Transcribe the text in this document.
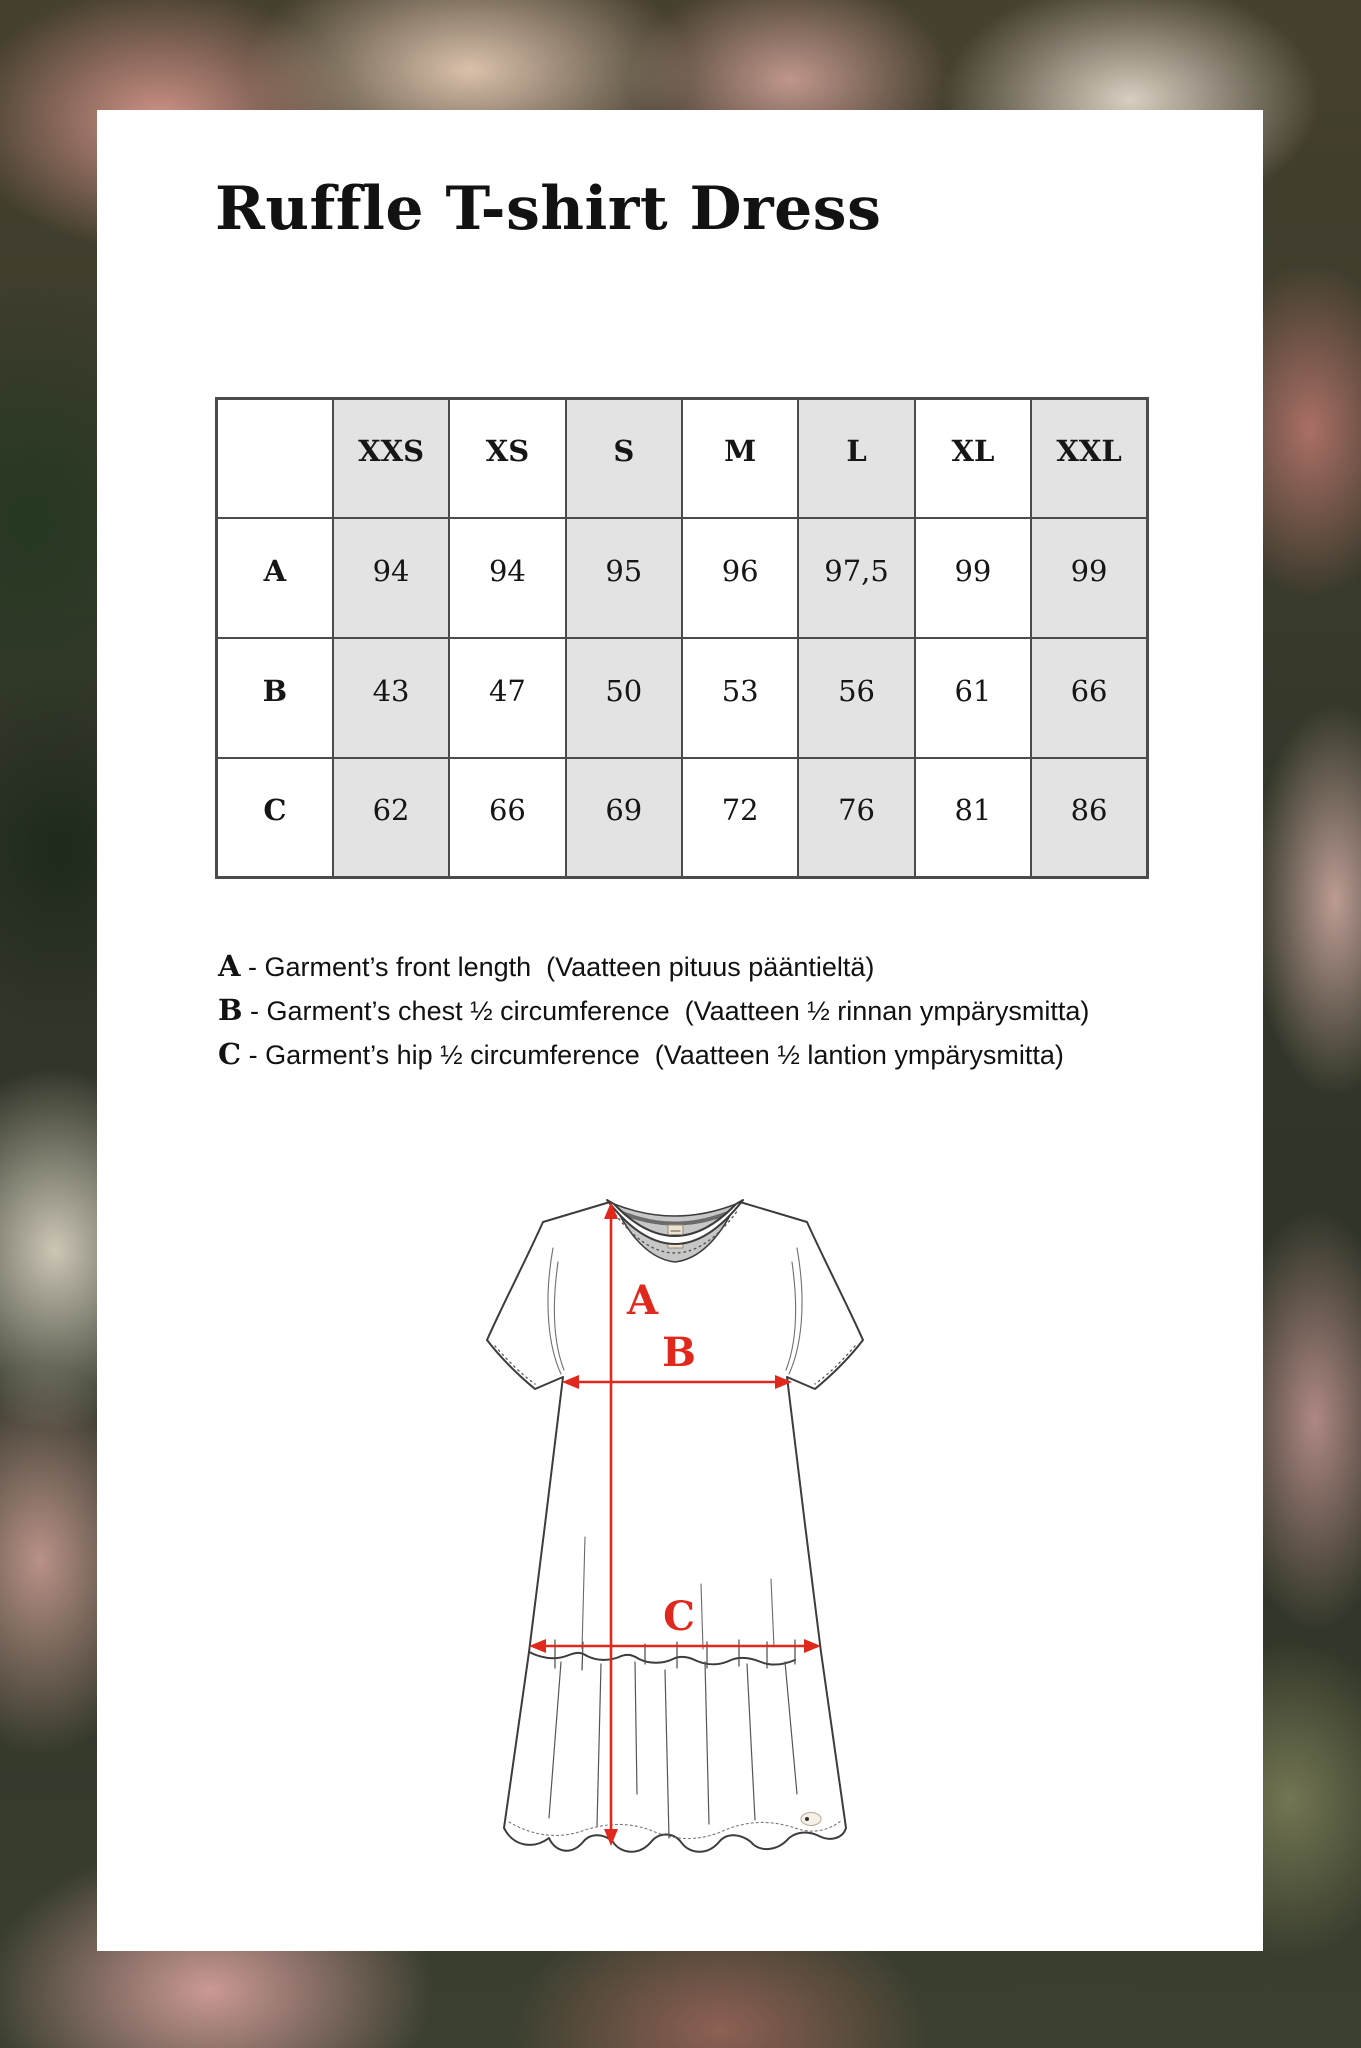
Ruffle T-shirt Dress
	XXS	XS	S	M	L	XL	XXL
A	94	94	95	96	97,5	99	99
B	43	47	50	53	56	61	66
C	62	66	69	72	76	81	86
A - Garment’s front length  (Vaatteen pituus pääntieltä)
B - Garment’s chest ½ circumference  (Vaatteen ½ rinnan ympärysmitta)
C - Garment’s hip ½ circumference  (Vaatteen ½ lantion ympärysmitta)
A
B
C
